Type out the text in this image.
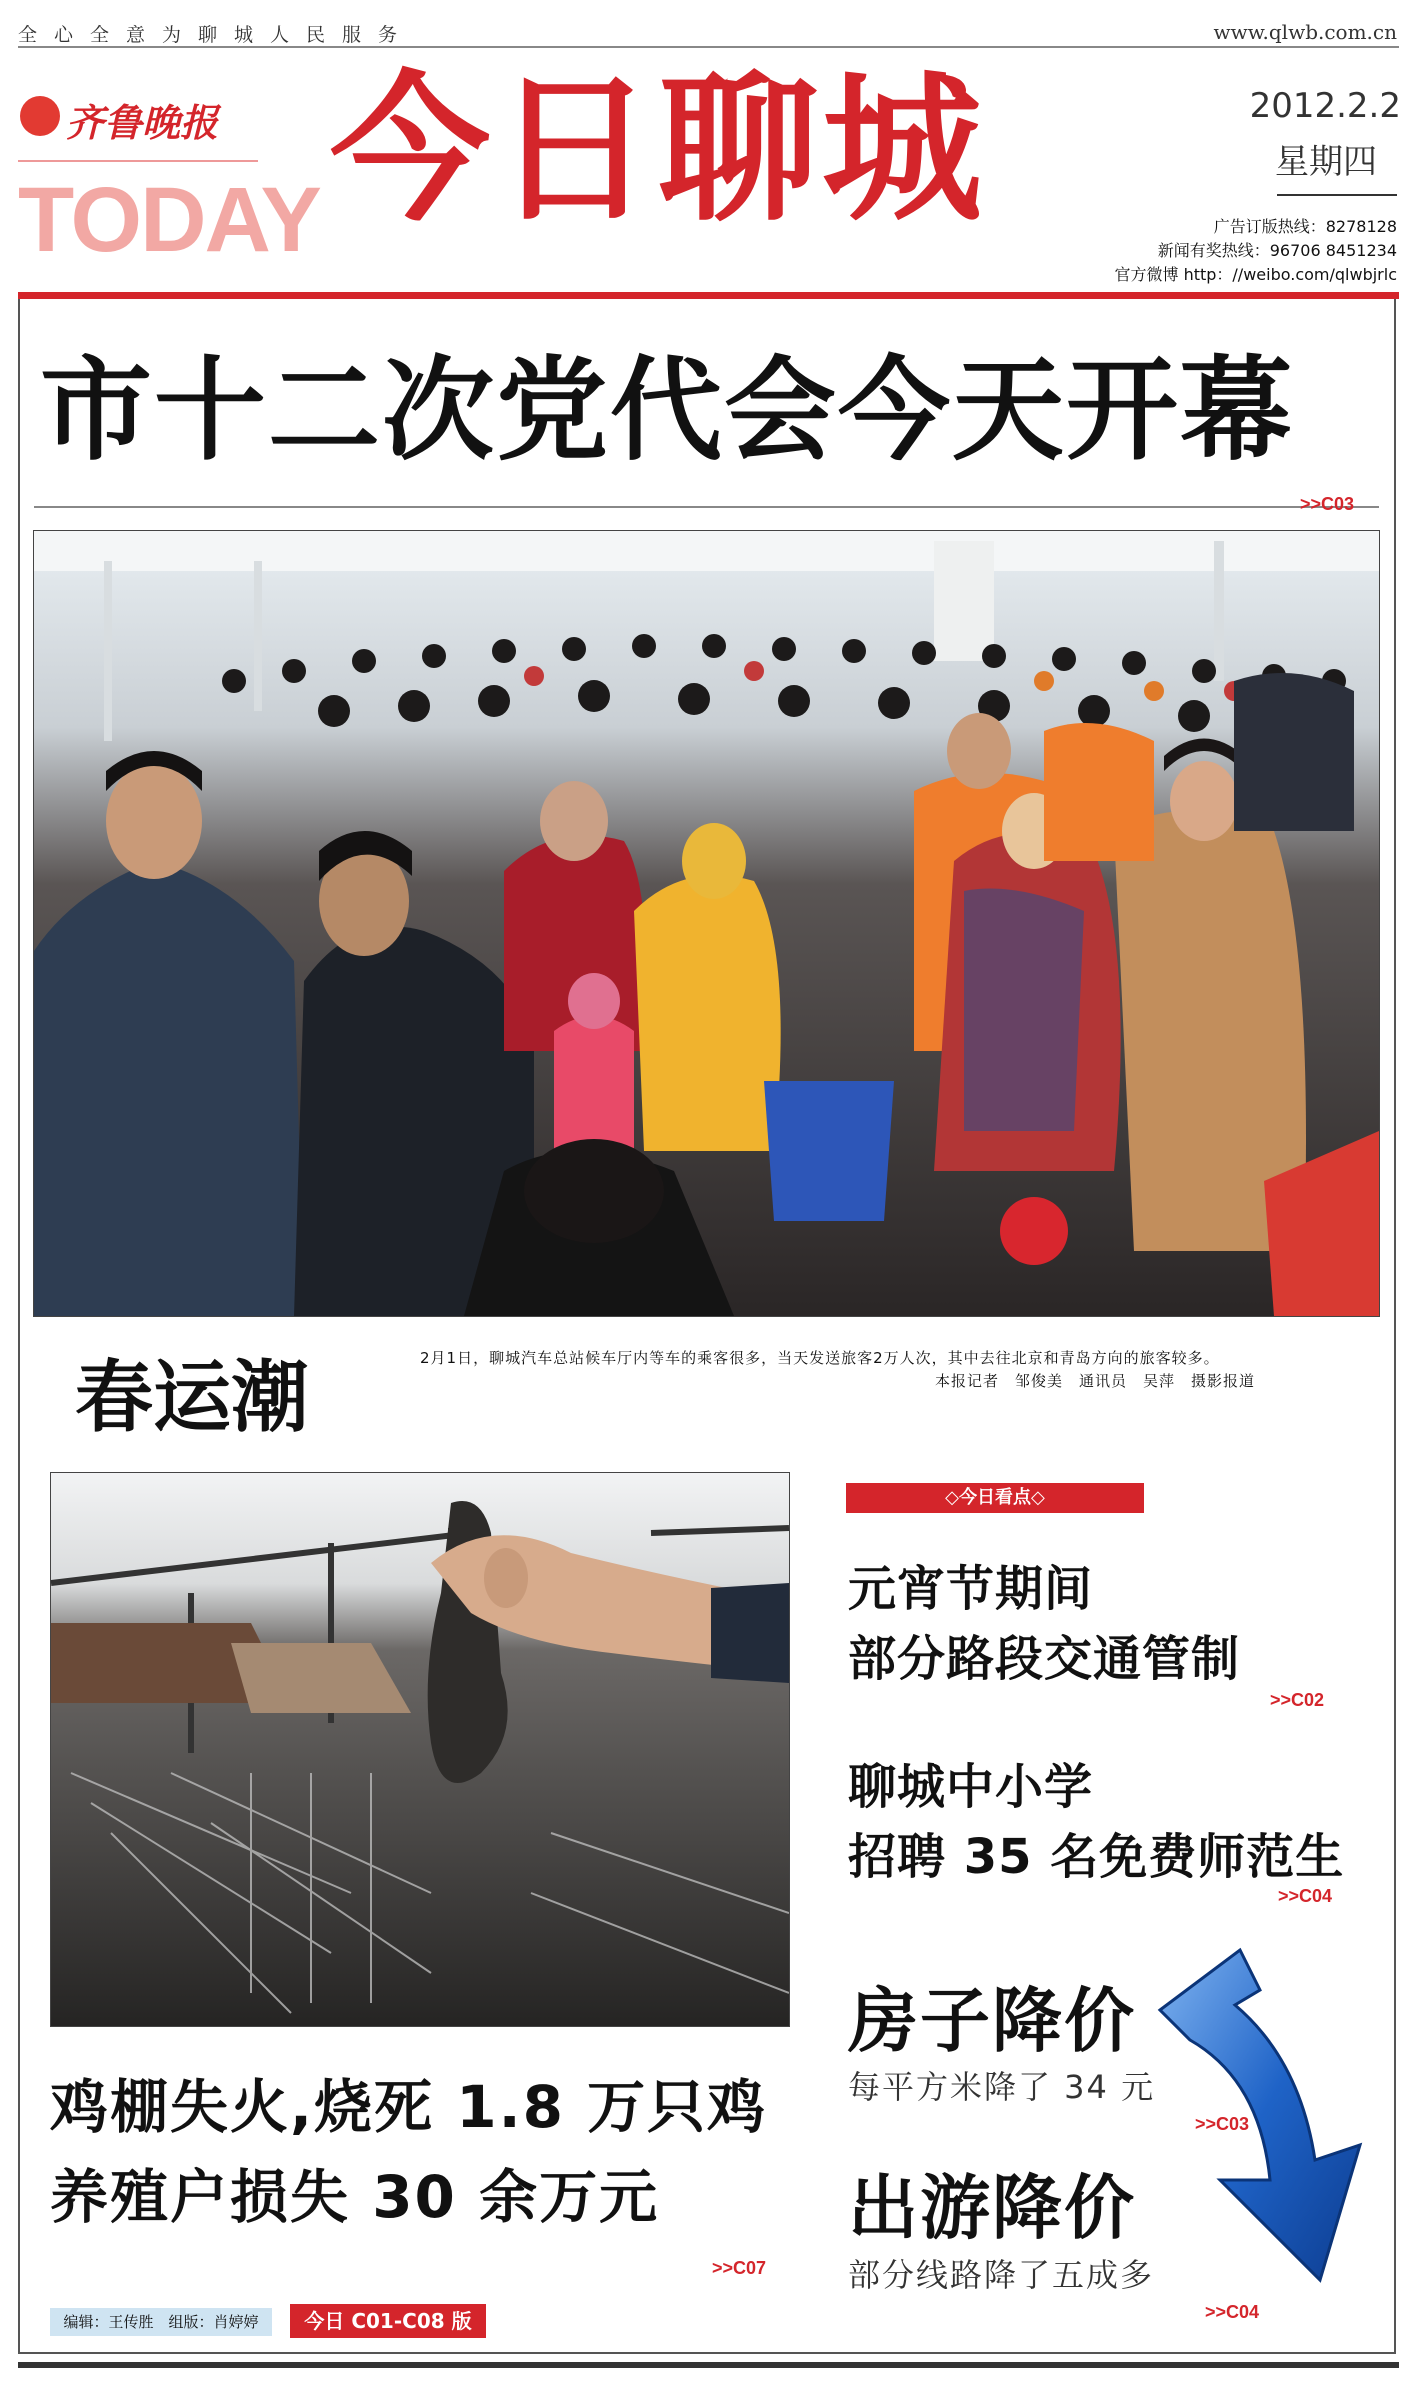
全心全意为聊城人民服务	www.qlwb.com.cn
齐鲁晚报
TODAY 今日聊城	2012.2.2
星期四
广告订版热线：8278128
新闻有奖热线：96706 8451234
官方微博 http：//weibo.com/qlwbjrlc
市十二次党代会今天开幕
>>C03
春运潮	2月1日，聊城汽车总站候车厅内等车的乘客很多，当天发送旅客2万人次，其中去往北京和青岛方向的旅客较多。
本报记者　邹俊美　通讯员　吴萍　摄影报道
鸡棚失火,烧死 1.8 万只鸡
养殖户损失 30 余万元
>>C07
◇今日看点◇
元宵节期间
部分路段交通管制
>>C02
聊城中小学
招聘 35 名免费师范生
>>C04
房子降价
每平方米降了 34 元
>>C03
出游降价
部分线路降了五成多
>>C04
编辑：王传胜　组版：肖婷婷	今日 C01-C08 版
